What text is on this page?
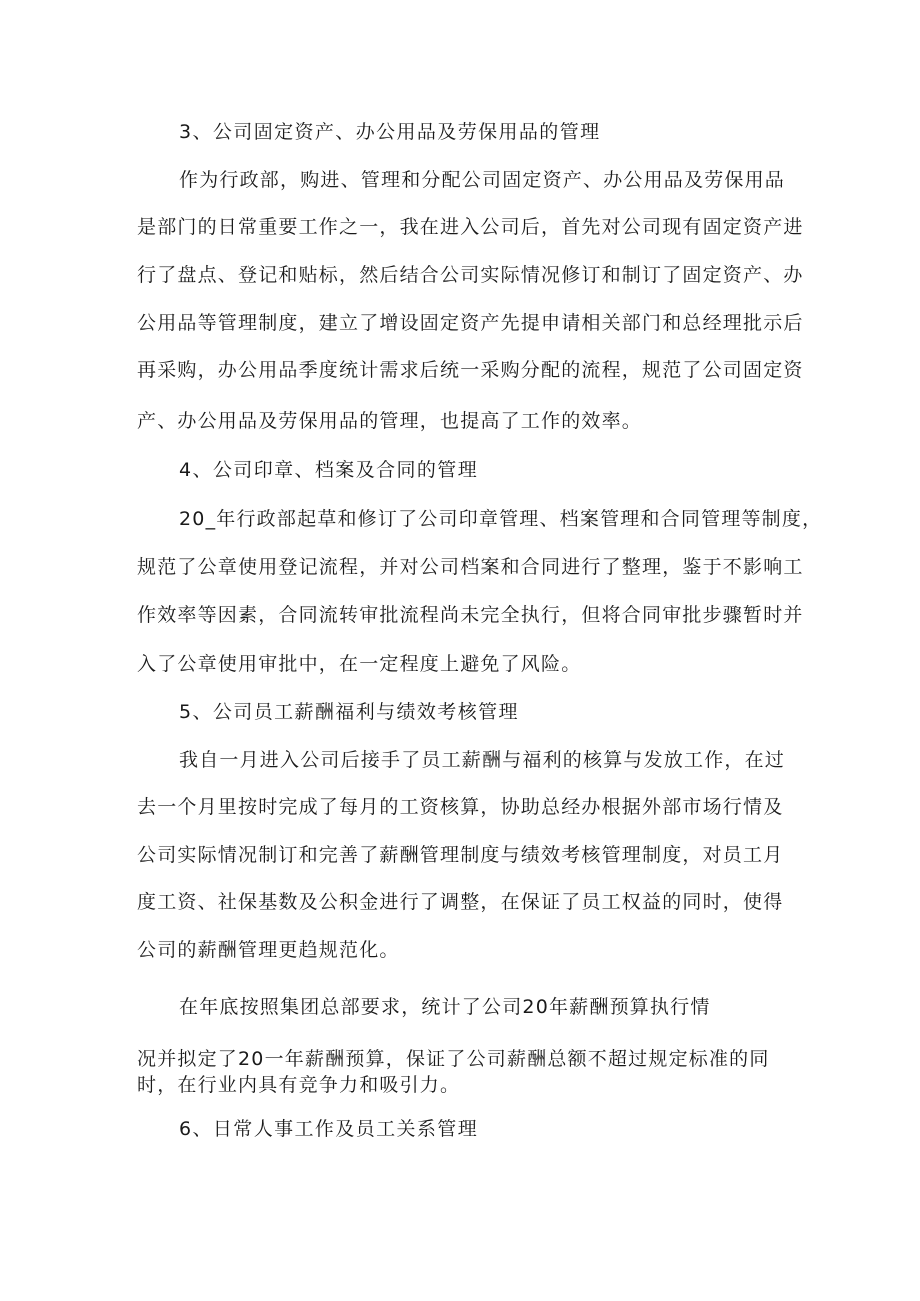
3、公司固定资产、办公用品及劳保用品的管理

作为行政部，购进、管理和分配公司固定资产、办公用品及劳保用品

是部门的日常重要工作之一，我在进入公司后，首先对公司现有固定资产进

行了盘点、登记和贴标，然后结合公司实际情况修订和制订了固定资产、办

公用品等管理制度，建立了增设固定资产先提申请相关部门和总经理批示后

再采购，办公用品季度统计需求后统一采购分配的流程，规范了公司固定资

产、办公用品及劳保用品的管理，也提高了工作的效率。

4、公司印章、档案及合同的管理

20_年行政部起草和修订了公司印章管理、档案管理和合同管理等制度，

规范了公章使用登记流程，并对公司档案和合同进行了整理，鉴于不影响工

作效率等因素，合同流转审批流程尚未完全执行，但将合同审批步骤暂时并

入了公章使用审批中，在一定程度上避免了风险。

5、公司员工薪酬福利与绩效考核管理

我自一月进入公司后接手了员工薪酬与福利的核算与发放工作，在过

去一个月里按时完成了每月的工资核算，协助总经办根据外部市场行情及

公司实际情况制订和完善了薪酬管理制度与绩效考核管理制度，对员工月

度工资、社保基数及公积金进行了调整，在保证了员工权益的同时，使得

公司的薪酬管理更趋规范化。

在年底按照集团总部要求，统计了公司20年薪酬预算执行情

况并拟定了20一年薪酬预算，保证了公司薪酬总额不超过规定标准的同

时，在行业内具有竞争力和吸引力。

6、日常人事工作及员工关系管理
